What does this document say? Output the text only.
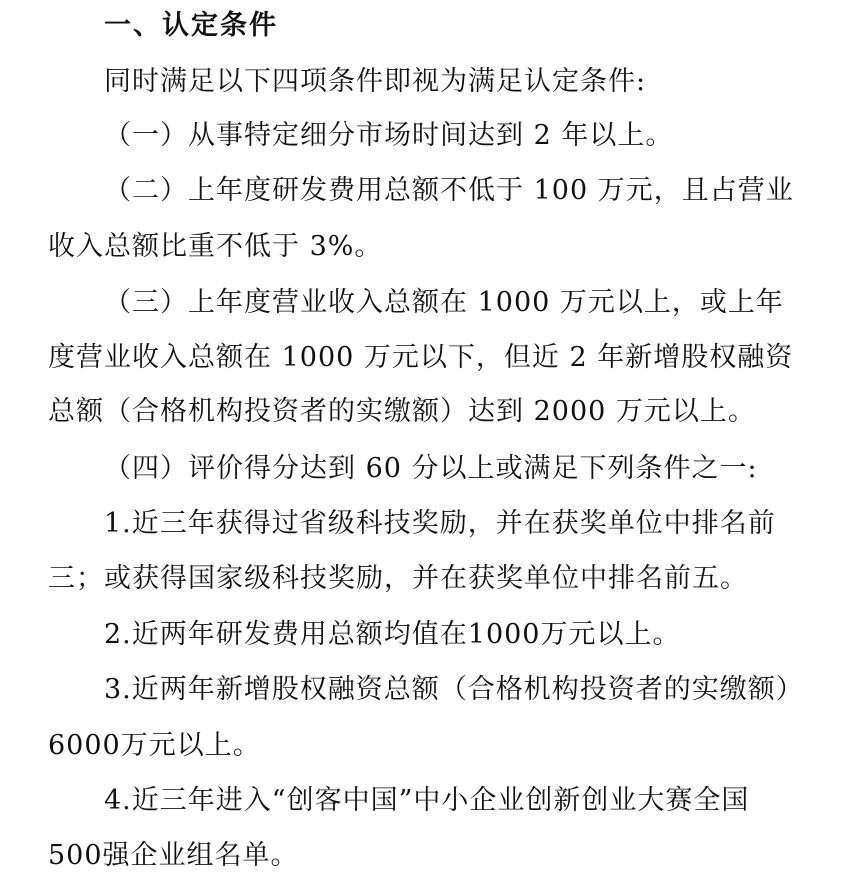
一、认定条件
同时满足以下四项条件即视为满足认定条件:
（一）从事特定细分市场时间达到 2 年以上。
（二）上年度研发费用总额不低于 100 万元，且占营业
收入总额比重不低于 3%。
（三）上年度营业收入总额在 1000 万元以上，或上年
度营业收入总额在 1000 万元以下，但近 2 年新增股权融资
总额（合格机构投资者的实缴额）达到 2000 万元以上。
（四）评价得分达到 60 分以上或满足下列条件之一:
1.近三年获得过省级科技奖励，并在获奖单位中排名前
三；或获得国家级科技奖励，并在获奖单位中排名前五。
2.近两年研发费用总额均值在1000万元以上。
3.近两年新增股权融资总额（合格机构投资者的实缴额）
6000万元以上。
4.近三年进入“创客中国”中小企业创新创业大赛全国
500强企业组名单。
